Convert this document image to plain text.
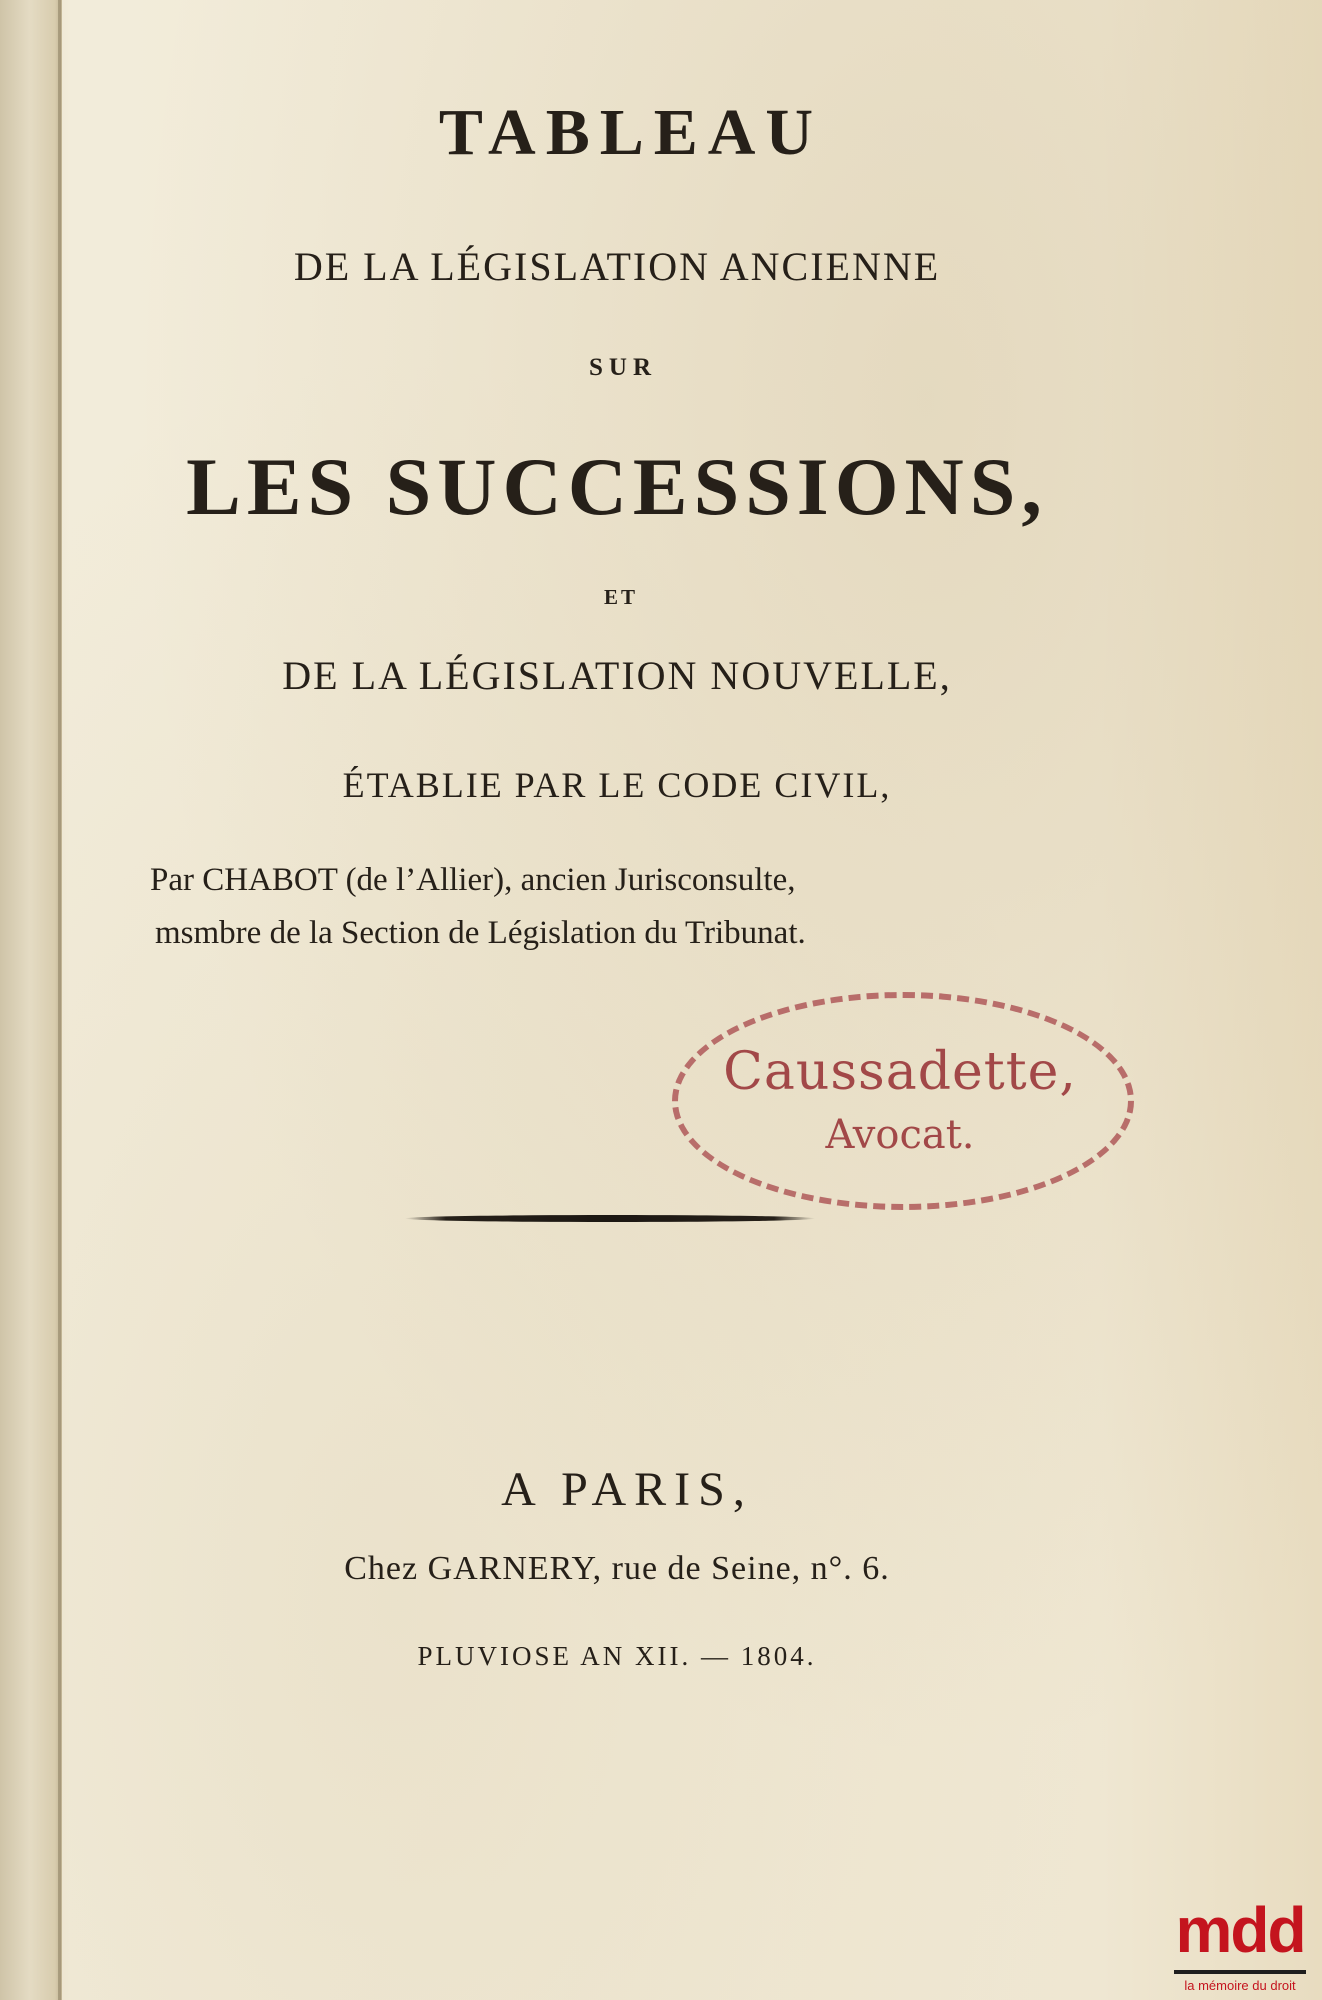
TABLEAU
DE LA LÉGISLATION ANCIENNE
SUR
LES SUCCESSIONS,
ET
DE LA LÉGISLATION NOUVELLE,
ÉTABLIE PAR LE CODE CIVIL,
Par CHABOT (de l’Allier), ancien Jurisconsulte,
msmbre de la Section de Législation du Tribunat.
Caussadette,
Avocat.
A PARIS,
Chez GARNERY, rue de Seine, n°. 6.
PLUVIOSE AN XII. — 1804.
mdd
la mémoire du droit
